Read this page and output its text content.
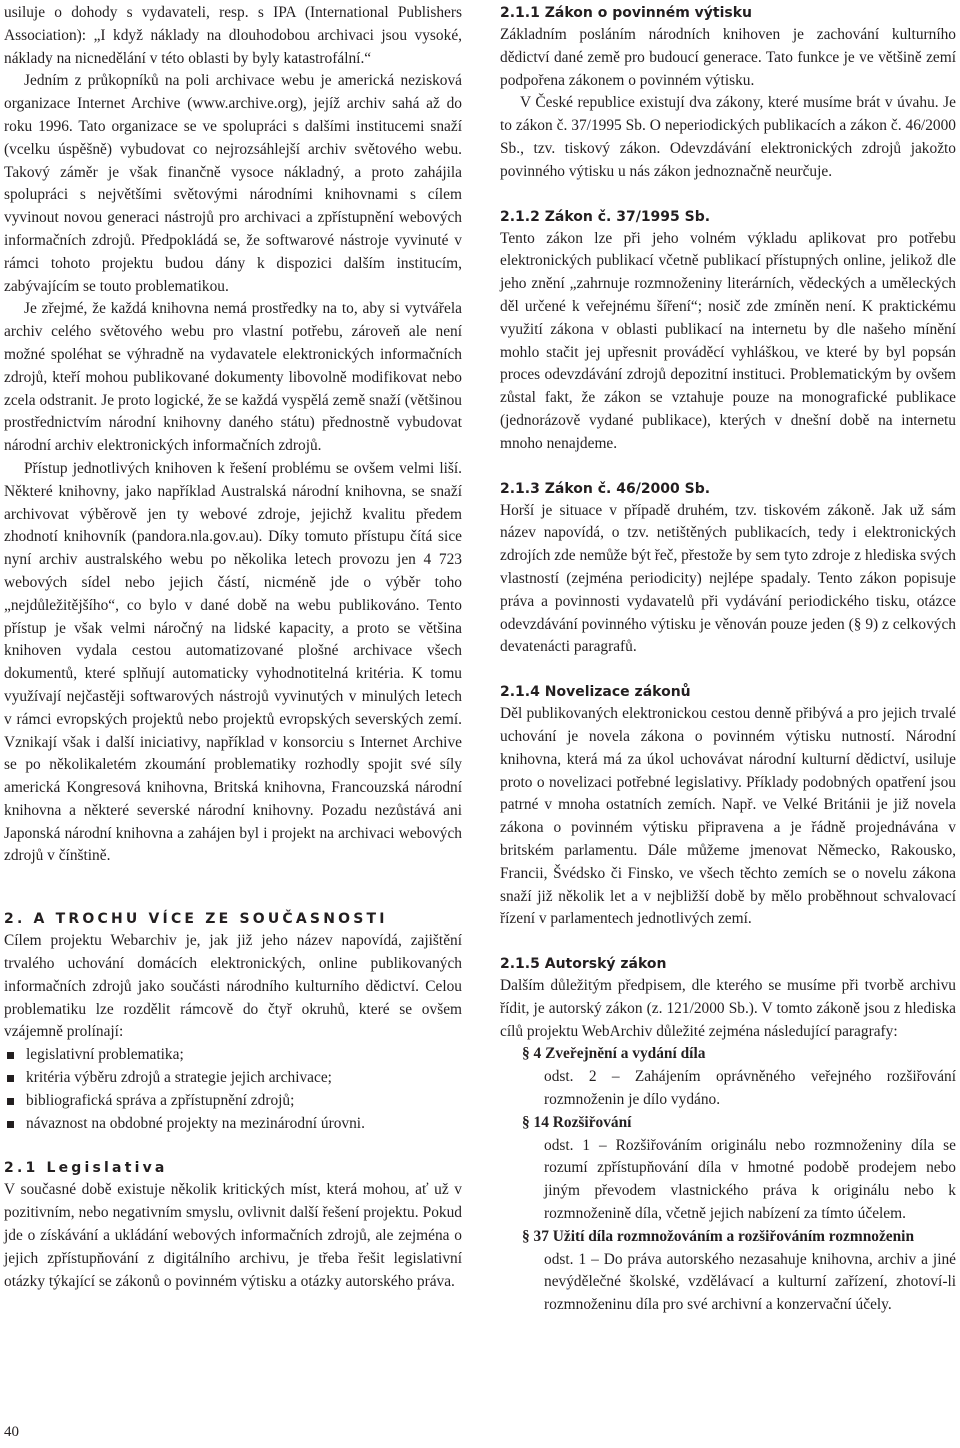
usiluje o dohody s vydavateli, resp. s IPA (International Publishers Association): „I když náklady na dlouhodobou archivaci jsou vysoké, náklady na nicnedělání v této oblasti by byly katastrofální.“

Jedním z průkopníků na poli archivace webu je americká nezisková organizace Internet Archive (www.archive.org), jejíž archiv sahá až do roku 1996. Tato organizace se ve spolupráci s dalšími institucemi snaží (vcelku úspěšně) vybudovat co nejrozsáhlejší archiv světového webu. Takový záměr je však finančně vysoce nákladný, a proto zahájila spolupráci s největšími světovými národními knihovnami s cílem vyvinout novou generaci nástrojů pro archivaci a zpřístupnění webových informačních zdrojů. Předpokládá se, že softwarové nástroje vyvinuté v rámci tohoto projektu budou dány k dispozici dalším institucím, zabývajícím se touto problematikou.

Je zřejmé, že každá knihovna nemá prostředky na to, aby si vytvářela archiv celého světového webu pro vlastní potřebu, zároveň ale není možné spoléhat se výhradně na vydavatele elektronických informačních zdrojů, kteří mohou publikované dokumenty libovolně modifikovat nebo zcela odstranit. Je proto logické, že se každá vyspělá země snaží (většinou prostřednictvím národní knihovny daného státu) přednostně vybudovat národní archiv elektronických informačních zdrojů.

Přístup jednotlivých knihoven k řešení problému se ovšem velmi liší. Některé knihovny, jako například Australská národní knihovna, se snaží archivovat výběrově jen ty webové zdroje, jejichž kvalitu předem zhodnotí knihovník (pandora.nla.gov.au). Díky tomuto přístupu čítá sice nyní archiv australského webu po několika letech provozu jen 4 723 webových sídel nebo jejich částí, nicméně jde o výběr toho „nejdůležitějšího“, co bylo v dané době na webu publikováno. Tento přístup je však velmi náročný na lidské kapacity, a proto se většina knihoven vydala cestou automatizované plošné archivace všech dokumentů, které splňují automaticky vyhodnotitelná kritéria. K tomu využívají nejčastěji softwarových nástrojů vyvinutých v minulých letech v rámci evropských projektů nebo projektů evropských severských zemí. Vznikají však i další iniciativy, například v konsorciu s Internet Archive se po několikaletém zkoumání problematiky rozhodly spojit své síly americká Kongresová knihovna, Britská knihovna, Francouzská národní knihovna a některé severské národní knihovny. Pozadu nezůstává ani Japonská národní knihovna a zahájen byl i projekt na archivaci webových zdrojů v čínštině.

2. A TROCHU VÍCE ZE SOUČASNOSTI

Cílem projektu Webarchiv je, jak již jeho název napovídá, zajištění trvalého uchování domácích elektronických, online publikovaných informačních zdrojů jako součásti národního kulturního dědictví. Celou problematiku lze rozdělit rámcově do čtyř okruhů, které se ovšem vzájemně prolínají:

legislativní problematika;
kritéria výběru zdrojů a strategie jejich archivace;
bibliografická správa a zpřístupnění zdrojů;
návaznost na obdobné projekty na mezinárodní úrovni.
2.1 Legislativa

V současné době existuje několik kritických míst, která mohou, ať už v pozitivním, nebo negativním smyslu, ovlivnit další řešení projektu. Pokud jde o získávání a ukládání webových informačních zdrojů, ale zejména o jejich zpřístupňování z digitálního archivu, je třeba řešit legislativní otázky týkající se zákonů o povinném výtisku a otázky autorského práva.

2.1.1 Zákon o povinném výtisku

Základním posláním národních knihoven je zachování kulturního dědictví dané země pro budoucí generace. Tato funkce je ve většině zemí podpořena zákonem o povinném výtisku.

V České republice existují dva zákony, které musíme brát v úvahu. Je to zákon č. 37/1995 Sb. O neperiodických publikacích a zákon č. 46/2000 Sb., tzv. tiskový zákon. Odevzdávání elektronických zdrojů jakožto povinného výtisku u nás zákon jednoznačně neurčuje.

2.1.2 Zákon č. 37/1995 Sb.

Tento zákon lze při jeho volném výkladu aplikovat pro potřebu elektronických publikací včetně publikací přístupných online, jelikož dle jeho znění „zahrnuje rozmnoženiny literárních, vědeckých a uměleckých děl určené k veřejnému šíření“; nosič zde zmíněn není. K praktickému využití zákona v oblasti publikací na internetu by dle našeho mínění mohlo stačit jej upřesnit prováděcí vyhláškou, ve které by byl popsán proces odevzdávání zdrojů depozitní instituci. Problematickým by ovšem zůstal fakt, že zákon se vztahuje pouze na monografické publikace (jednorázově vydané publikace), kterých v dnešní době na internetu mnoho nenajdeme.

2.1.3 Zákon č. 46/2000 Sb.

Horší je situace v případě druhém, tzv. tiskovém zákoně. Jak už sám název napovídá, o tzv. netištěných publikacích, tedy i elektronických zdrojích zde nemůže být řeč, přestože by sem tyto zdroje z hlediska svých vlastností (zejména periodicity) nejlépe spadaly. Tento zákon popisuje práva a povinnosti vydavatelů při vydávání periodického tisku, otázce odevzdávání povinného výtisku je věnován pouze jeden (§ 9) z celkových devatenácti paragrafů.

2.1.4 Novelizace zákonů

Děl publikovaných elektronickou cestou denně přibývá a pro jejich trvalé uchování je novela zákona o povinném výtisku nutností. Národní knihovna, která má za úkol uchovávat národní kulturní dědictví, usiluje proto o novelizaci potřebné legislativy. Příklady podobných opatření jsou patrné v mnoha ostatních zemích. Např. ve Velké Británii je již novela zákona o povinném výtisku připravena a je řádně projednávána v britském parlamentu. Dále můžeme jmenovat Německo, Rakousko, Francii, Švédsko či Finsko, ve všech těchto zemích se o novelu zákona snaží již několik let a v nejbližší době by mělo proběhnout schvalovací řízení v parlamentech jednotlivých zemí.

2.1.5 Autorský zákon

Dalším důležitým předpisem, dle kterého se musíme při tvorbě archivu řídit, je autorský zákon (z. 121/2000 Sb.). V tomto zákoně jsou z hlediska cílů projektu WebArchiv důležité zejména následující paragrafy:

§ 4 Zveřejnění a vydání díla

odst. 2 – Zahájením oprávněného veřejného rozšiřování rozmnoženin je dílo vydáno.

§ 14 Rozšiřování

odst. 1 – Rozšiřováním originálu nebo rozmnoženiny díla se rozumí zpřístupňování díla v hmotné podobě prodejem nebo jiným převodem vlastnického práva k originálu nebo k rozmnoženině díla, včetně jejich nabízení za tímto účelem.

§ 37 Užití díla rozmnožováním a rozšiřováním rozmnoženin

odst. 1 – Do práva autorského nezasahuje knihovna, archiv a jiné nevýdělečné školské, vzdělávací a kulturní zařízení, zhotoví-li rozmnoženinu díla pro své archivní a konzervační účely.

40
